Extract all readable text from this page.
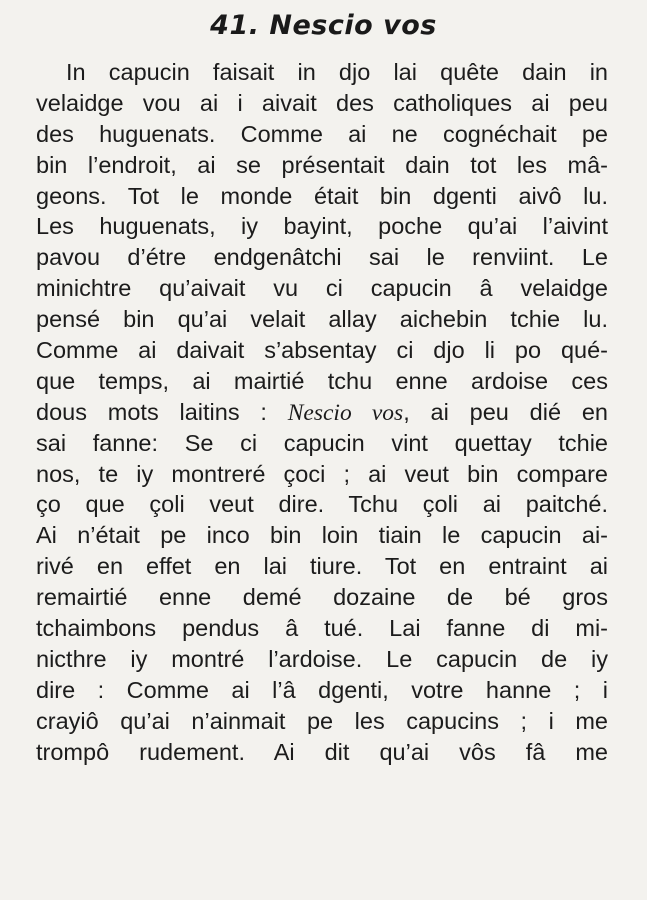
41. Nescio vos
In capucin faisait in djo lai quête dain in
velaidge vou ai i aivait des catholiques ai peu
des huguenats. Comme ai ne cognéchait pe
bin l’endroit, ai se présentait dain tot les mâ-
geons. Tot le monde était bin dgenti aivô lu.
Les huguenats, iy bayint, poche qu’ai l’aivint
pavou d’étre endgenâtchi sai le renviint. Le
minichtre qu’aivait vu ci capucin â velaidge
pensé bin qu’ai velait allay aichebin tchie lu.
Comme ai daivait s’absentay ci djo li po qué-
que temps, ai mairtié tchu enne ardoise ces
dous mots laitins : Nescio vos, ai peu dié en
sai fanne: Se ci capucin vint quettay tchie
nos, te iy montreré çoci ; ai veut bin compare
ço que çoli veut dire. Tchu çoli ai paitché.
Ai n’était pe inco bin loin tiain le capucin ai-
rivé en effet en lai tiure. Tot en entraint ai
remairtié enne demé dozaine de bé gros
tchaimbons pendus â tué. Lai fanne di mi-
nicthre iy montré l’ardoise. Le capucin de iy
dire : Comme ai l’â dgenti, votre hanne ; i
crayiô qu’ai n’ainmait pe les capucins ; i me
trompô rudement. Ai dit qu’ai vôs fâ me
